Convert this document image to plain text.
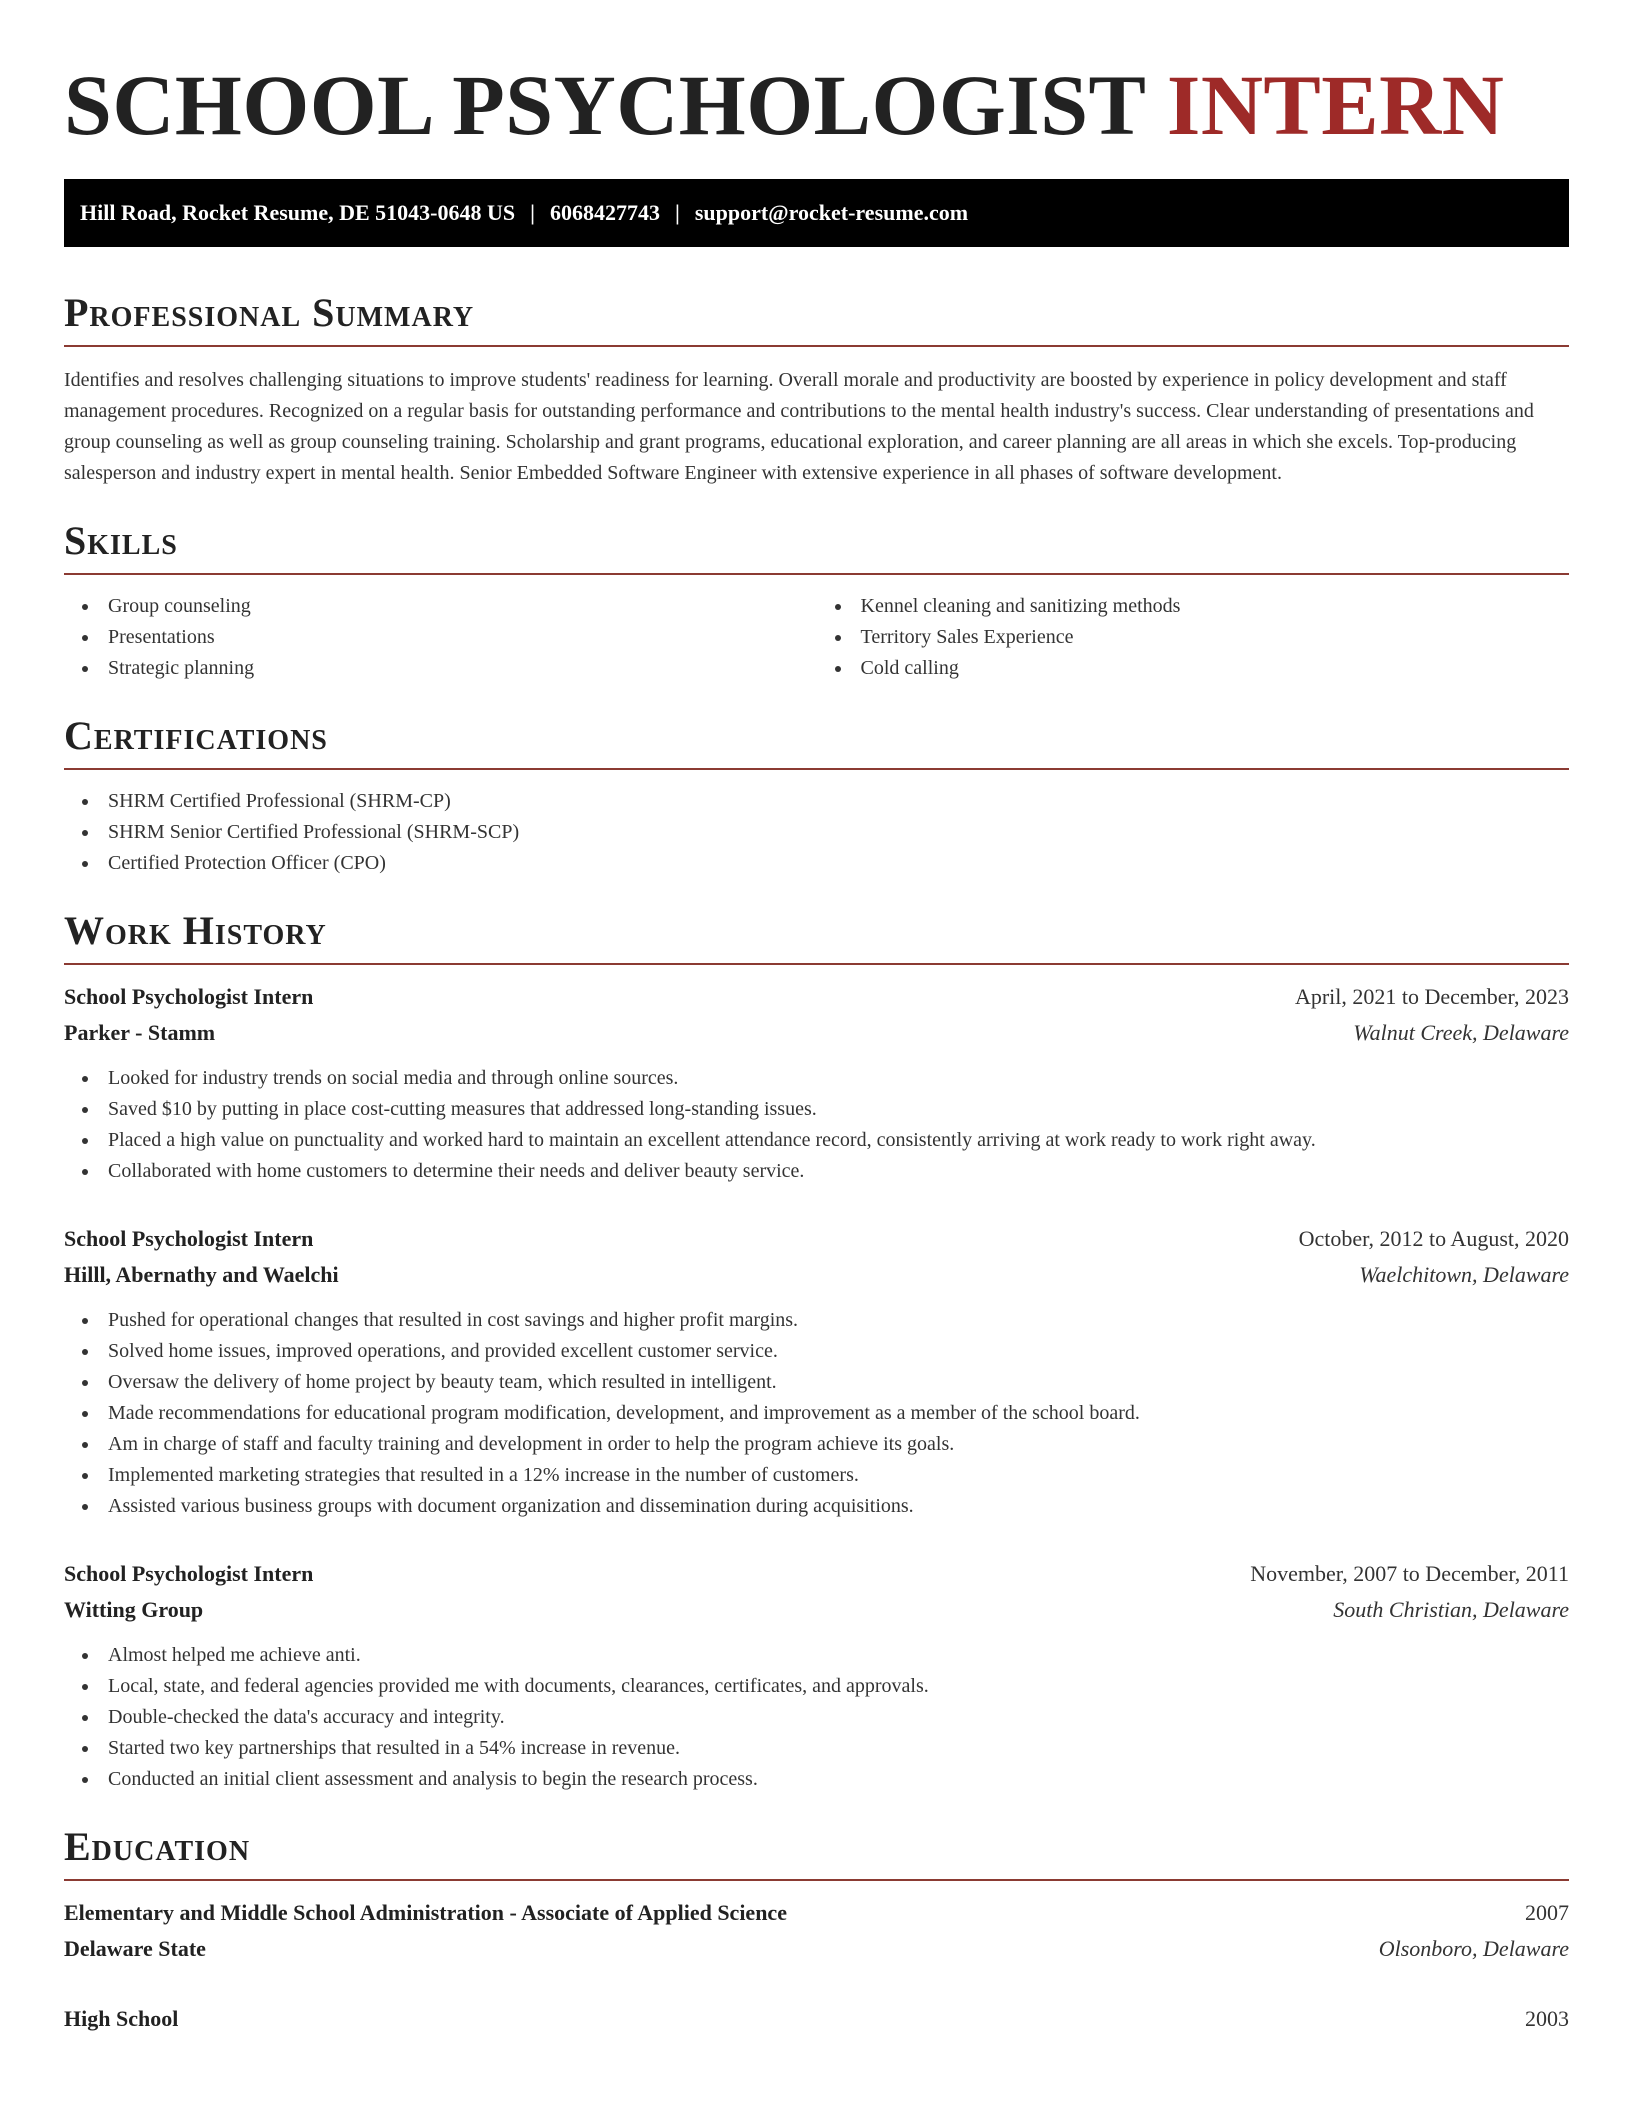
SCHOOL PSYCHOLOGIST INTERN
Hill Road, Rocket Resume, DE 51043-0648 US | 6068427743 | support@rocket-resume.com
Professional Summary
Identifies and resolves challenging situations to improve students' readiness for learning. Overall morale and productivity are boosted by experience in policy development and staff management procedures. Recognized on a regular basis for outstanding performance and contributions to the mental health industry's success. Clear understanding of presentations and group counseling as well as group counseling training. Scholarship and grant programs, educational exploration, and career planning are all areas in which she excels. Top-producing salesperson and industry expert in mental health. Senior Embedded Software Engineer with extensive experience in all phases of software development.
Skills
Group counseling
Presentations
Strategic planning
Kennel cleaning and sanitizing methods
Territory Sales Experience
Cold calling
Certifications
SHRM Certified Professional (SHRM-CP)
SHRM Senior Certified Professional (SHRM-SCP)
Certified Protection Officer (CPO)
Work History
School Psychologist Intern	April, 2021 to December, 2023
Parker - Stamm	Walnut Creek, Delaware
Looked for industry trends on social media and through online sources.
Saved $10 by putting in place cost-cutting measures that addressed long-standing issues.
Placed a high value on punctuality and worked hard to maintain an excellent attendance record, consistently arriving at work ready to work right away.
Collaborated with home customers to determine their needs and deliver beauty service.
School Psychologist Intern	October, 2012 to August, 2020
Hilll, Abernathy and Waelchi	Waelchitown, Delaware
Pushed for operational changes that resulted in cost savings and higher profit margins.
Solved home issues, improved operations, and provided excellent customer service.
Oversaw the delivery of home project by beauty team, which resulted in intelligent.
Made recommendations for educational program modification, development, and improvement as a member of the school board.
Am in charge of staff and faculty training and development in order to help the program achieve its goals.
Implemented marketing strategies that resulted in a 12% increase in the number of customers.
Assisted various business groups with document organization and dissemination during acquisitions.
School Psychologist Intern	November, 2007 to December, 2011
Witting Group	South Christian, Delaware
Almost helped me achieve anti.
Local, state, and federal agencies provided me with documents, clearances, certificates, and approvals.
Double-checked the data's accuracy and integrity.
Started two key partnerships that resulted in a 54% increase in revenue.
Conducted an initial client assessment and analysis to begin the research process.
Education
Elementary and Middle School Administration - Associate of Applied Science	2007
Delaware State	Olsonboro, Delaware
High School	2003
